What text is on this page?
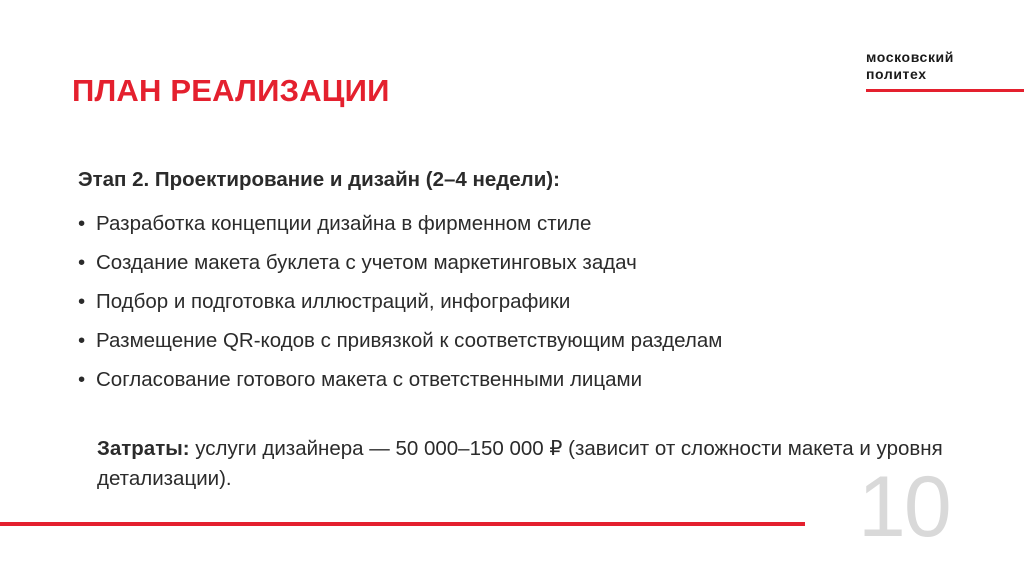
ПЛАН РЕАЛИЗАЦИИ
московский
политех

Этап 2. Проектирование и дизайн (2–4 недели):

• Разработка концепции дизайна в фирменном стиле
• Создание макета буклета с учетом маркетинговых задач
• Подбор и подготовка иллюстраций, инфографики
• Размещение QR-кодов с привязкой к соответствующим разделам
• Согласование готового макета с ответственными лицами

Затраты: услуги дизайнера — 50 000–150 000 ₽ (зависит от сложности макета и уровня детализации).	10
